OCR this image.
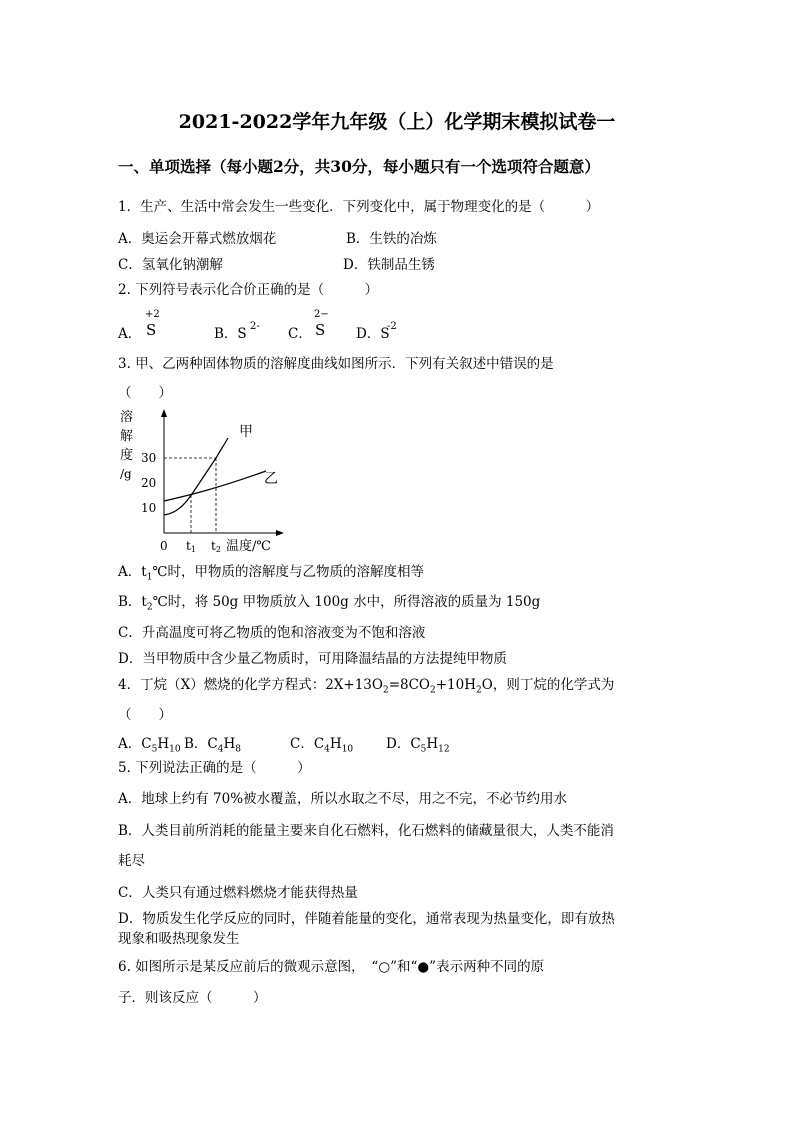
2021-2022学年九年级（上）化学期末模拟试卷一
一、单项选择（每小题2分，共30分，每小题只有一个选项符合题意）
1．生产、生活中常会发生一些变化．下列变化中，属于物理变化的是（　　　）
A．奥运会开幕式燃放烟花	B．生铁的冶炼
C．氢氧化钠潮解	D．铁制品生锈
2. 下列符号表示化合价正确的是（　　　）
A．
+2
S	B．S 2- C．
2−
S D．S
-2
3. 甲、乙两种固体物质的溶解度曲线如图所示．下列有关叙述中错误的是
（　　）
溶
解
度
/g
30
20
10
0 t1 t2 温度/℃
甲
乙
A．$t_1℃$时，甲物质的溶解度与乙物质的溶解度相等
B．$t_2℃$时，将 50g 甲物质放入 100g 水中，所得溶液的质量为 150g
C．升高温度可将乙物质的饱和溶液变为不饱和溶液
D．当甲物质中含少量乙物质时，可用降温结晶的方法提纯甲物质
4．丁烷（X）燃烧的化学方程式：$2X+13O_2=8CO_2+10H_2O$，则丁烷的化学式为
（　　）
A．$C_5H_{10}$ B．$C_4H_8$	C．$C_4H_{10}$ D．$C_5H_{12}$
5. 下列说法正确的是（　　　）
A．地球上约有 70%被水覆盖，所以水取之不尽，用之不完，不必节约用水
B．人类目前所消耗的能量主要来自化石燃料，化石燃料的储藏量很大，人类不能消
耗尽
C．人类只有通过燃料燃烧才能获得热量
D．物质发生化学反应的同时，伴随着能量的变化，通常表现为热量变化，即有放热
现象和吸热现象发生
6. 如图所示是某反应前后的微观示意图，　“○”和“●”表示两种不同的原
子．则该反应（　　　）
